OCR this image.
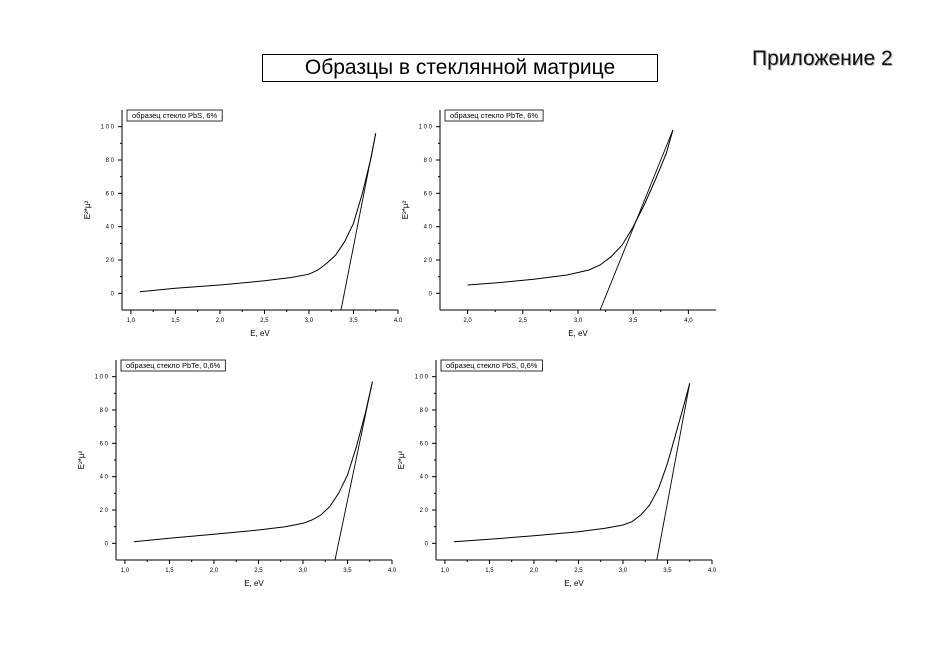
Образцы в стеклянной матрице	Приложение 2
0
2 0
4 0
6 0
8 0
1 0 0
1,0	1,5	2,0	2,5	3,0	3,5	4,0
E, eV
E²*µ²
образец стекло PbS, 6%
0
2 0
4 0
6 0
8 0
1 0 0
2,0	2,5	3,0	3,5	4,0
E, eV
E²*µ²
образец стекло PbTe, 6%
0
2 0
4 0
6 0
8 0
1 0 0
1,0	1,5	2,0	2,5	3,0	3,5	4,0
E, eV
E²*µ²
образец стекло PbTe, 0,6%
0
2 0
4 0
6 0
8 0
1 0 0
1,0	1,5	2,0	2,5	3,0	3,5	4,0
E, eV
E²*µ²
образец стекло PbS, 0,6%
